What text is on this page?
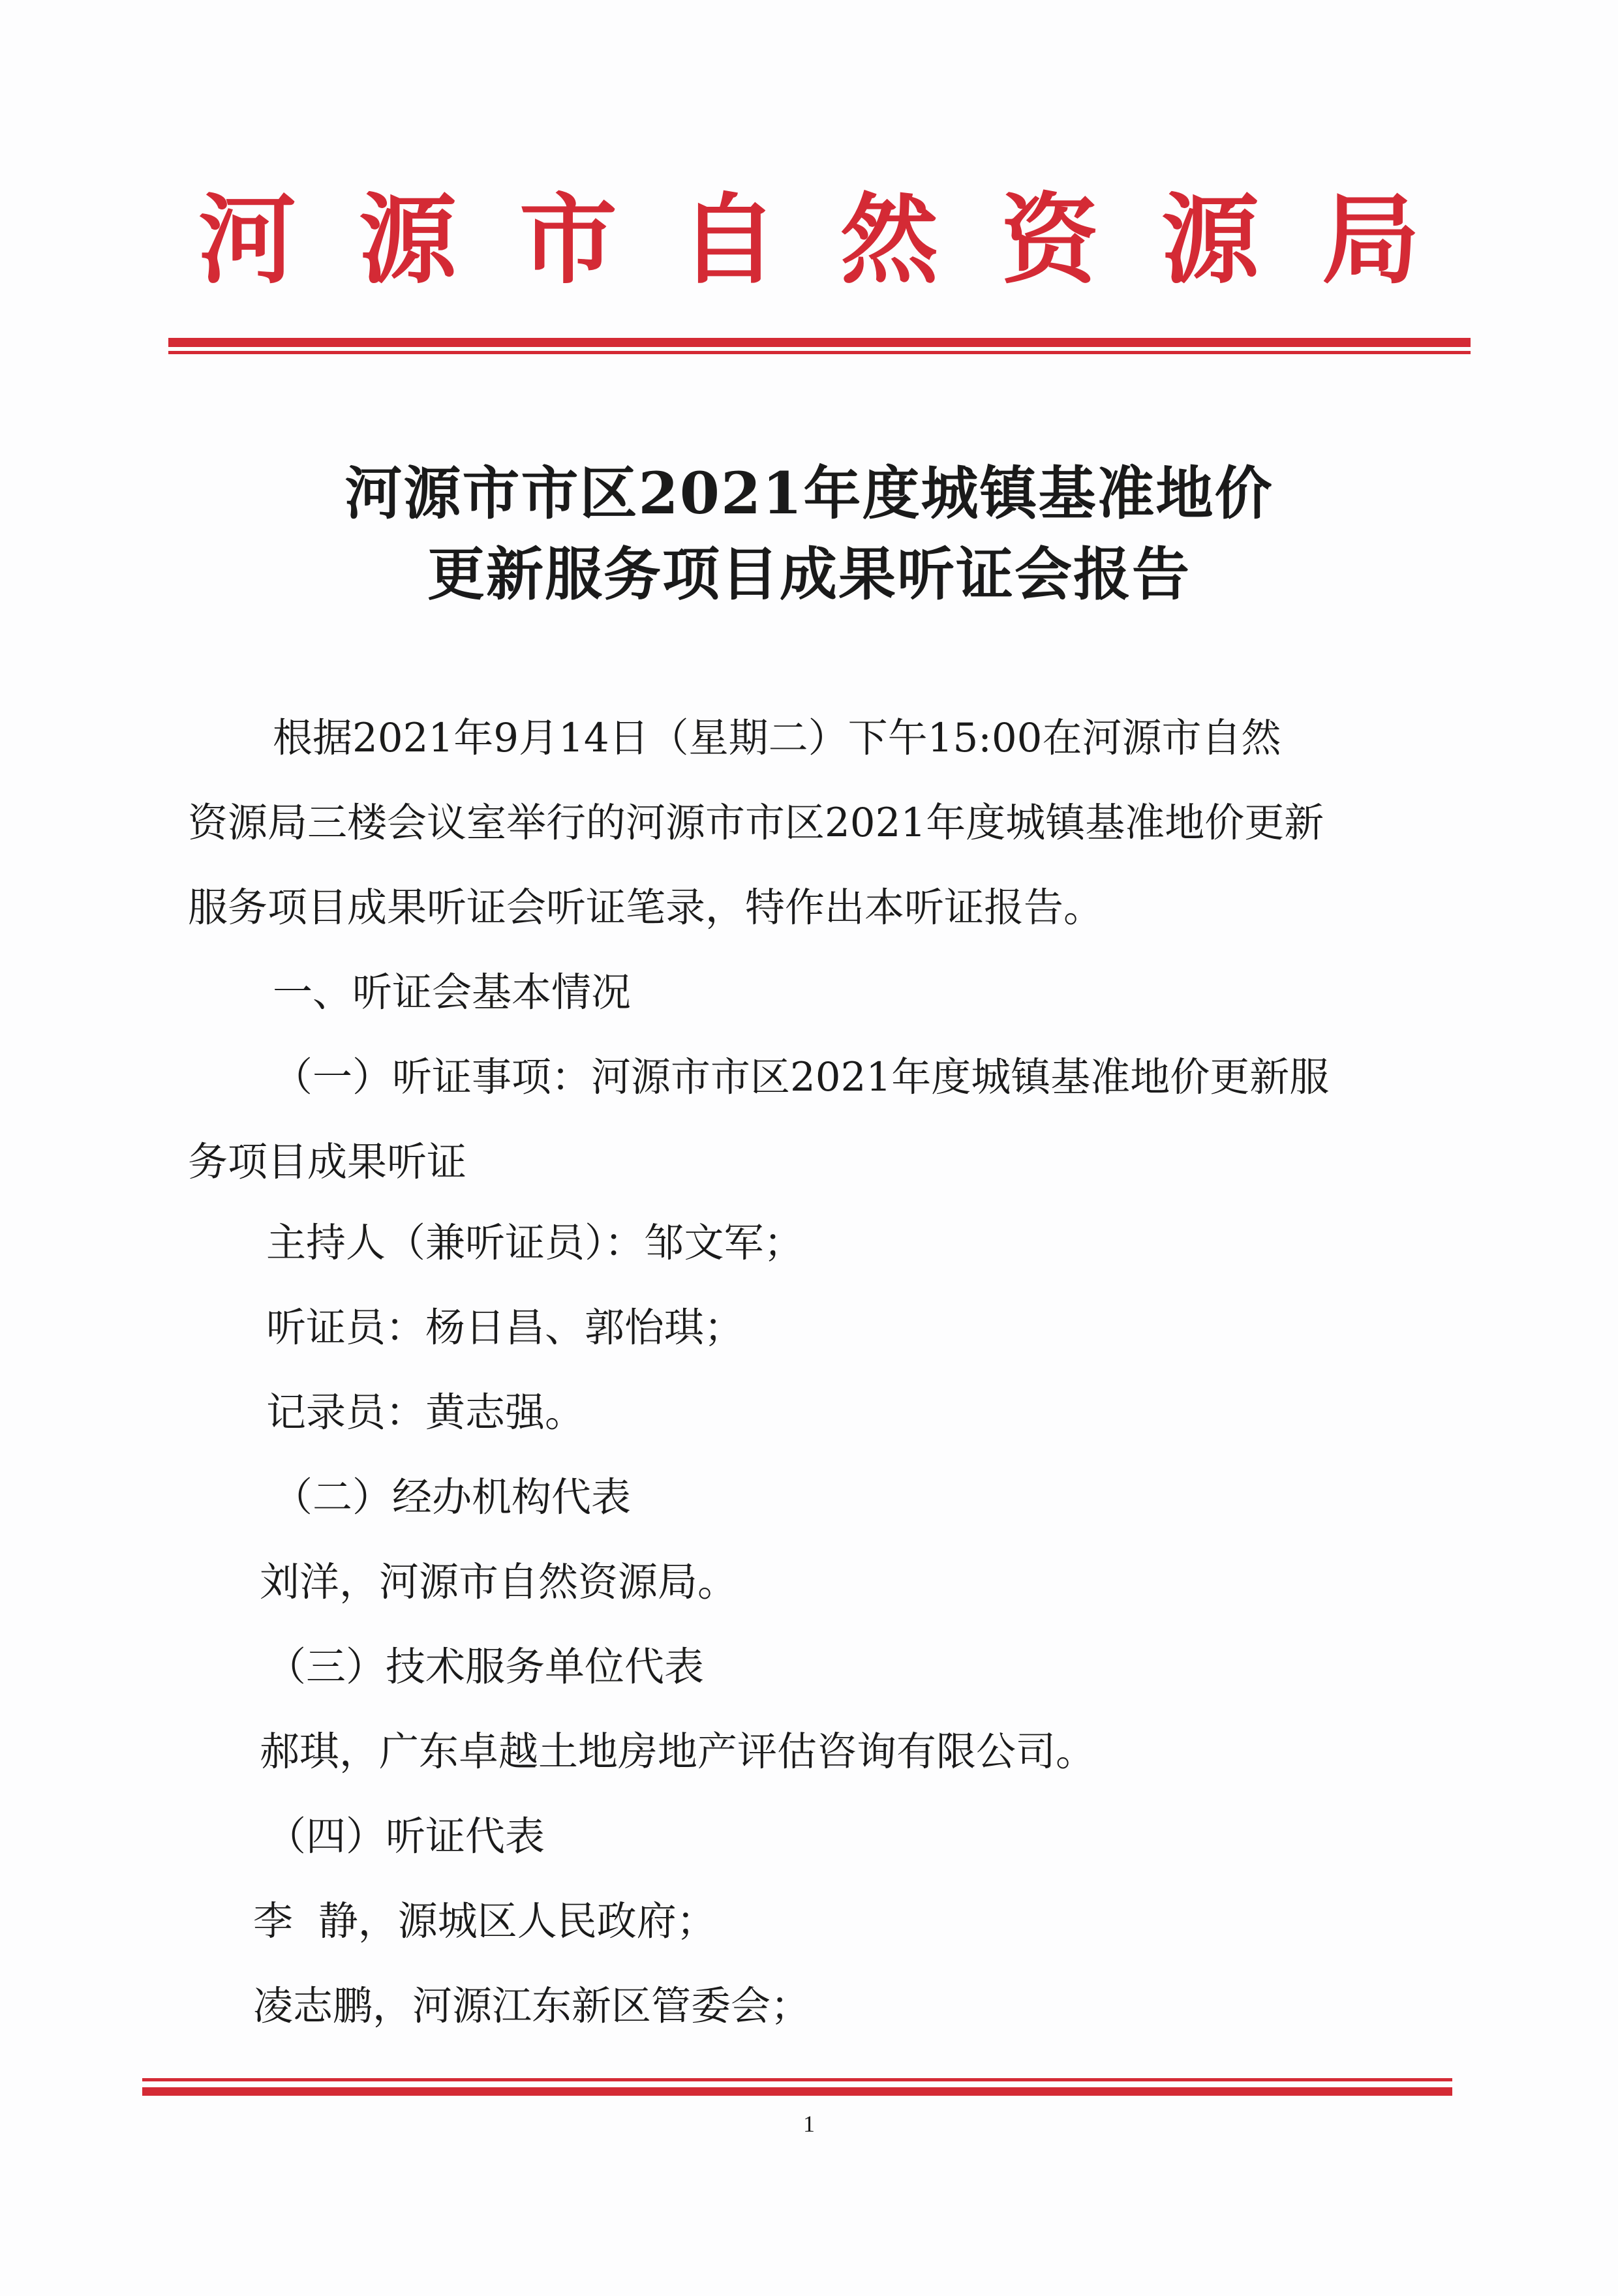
河源市自然资源局
河源市市区2021年度城镇基准地价
更新服务项目成果听证会报告
根据2021年9月14日（星期二）下午15:00在河源市自然
资源局三楼会议室举行的河源市市区2021年度城镇基准地价更新
服务项目成果听证会听证笔录，特作出本听证报告。
一、听证会基本情况
（一）听证事项：河源市市区2021年度城镇基准地价更新服
务项目成果听证
主持人（兼听证员）：邹文军；
听证员：杨日昌、郭怡琪；
记录员：黄志强。
（二）经办机构代表
刘洋，河源市自然资源局。
（三）技术服务单位代表
郝琪，广东卓越土地房地产评估咨询有限公司。
（四）听证代表
李  静，源城区人民政府；
凌志鹏，河源江东新区管委会；
1
